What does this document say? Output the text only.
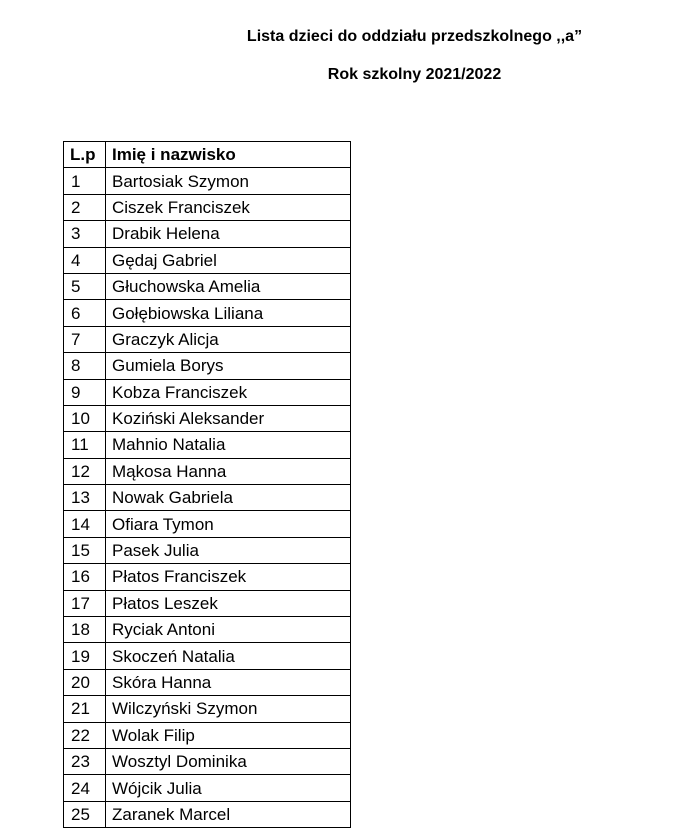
Lista dzieci do oddziału przedszkolnego ,,a”
Rok szkolny 2021/2022
L.p	Imię i nazwisko
1	Bartosiak Szymon
2	Ciszek Franciszek
3	Drabik Helena
4	Gędaj Gabriel
5	Głuchowska Amelia
6	Gołębiowska Liliana
7	Graczyk Alicja
8	Gumiela Borys
9	Kobza Franciszek
10	Koziński Aleksander
11	Mahnio Natalia
12	Mąkosa Hanna
13	Nowak Gabriela
14	Ofiara Tymon
15	Pasek Julia
16	Płatos Franciszek
17	Płatos Leszek
18	Ryciak Antoni
19	Skoczeń Natalia
20	Skóra Hanna
21	Wilczyński Szymon
22	Wolak Filip
23	Wosztyl Dominika
24	Wójcik Julia
25	Zaranek Marcel
